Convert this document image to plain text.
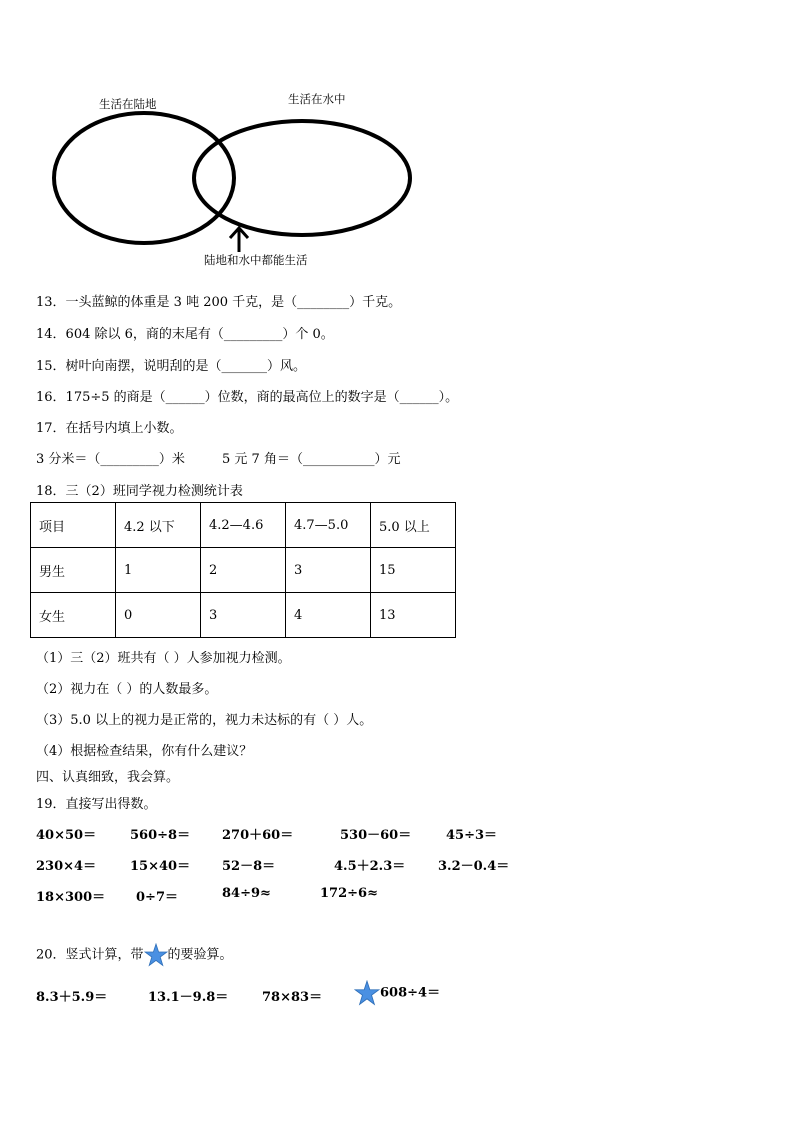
生活在陆地	生活在水中
陆地和水中都能生活
13．一头蓝鲸的体重是 3 吨 200 千克，是（________）千克。
14．604 除以 6，商的末尾有（_________）个 0。
15．树叶向南摆，说明刮的是（_______）风。
16．175÷5 的商是（______）位数，商的最高位上的数字是（______）。
17．在括号内填上小数。
3 分米＝（_________）米	5 元 7 角＝（___________）元
18．三（2）班同学视力检测统计表
项目	4.2 以下	4.2—4.6	4.7—5.0	5.0 以上
男生	1	2	3	15
女生	0	3	4	13
（1）三（2）班共有（ ）人参加视力检测。
（2）视力在（ ）的人数最多。
（3）5.0 以上的视力是正常的，视力未达标的有（ ）人。
（4）根据检查结果，你有什么建议？
四、认真细致，我会算。
19．直接写出得数。
40×50＝	560÷8＝ 270＋60＝	530－60＝	45÷3＝
230×4＝	15×40＝ 52－8＝	4.5＋2.3＝	3.2－0.4＝
18×300＝ 0÷7＝	84÷9≈	172÷6≈
20．竖式计算，带 的要验算。
8.3＋5.9＝	13.1－9.8＝	78×83＝	608÷4＝
